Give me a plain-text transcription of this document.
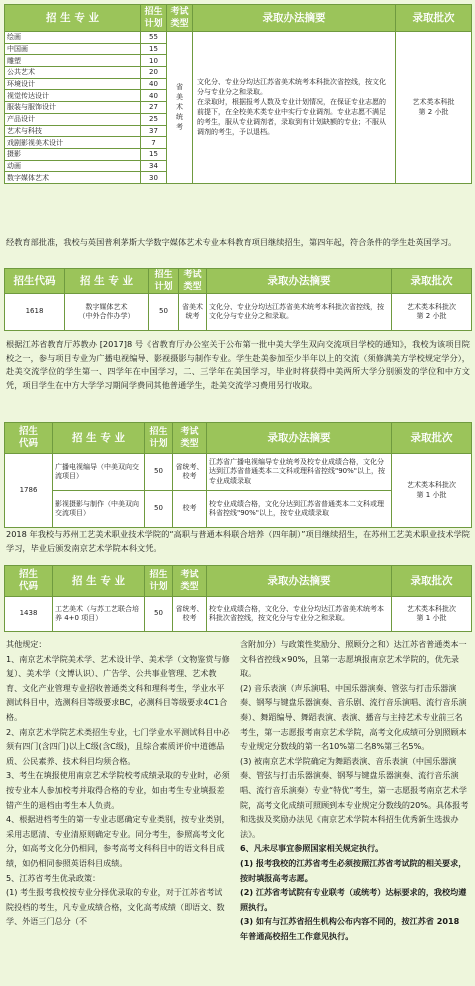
招 生 专 业	招生
计划	考试
类型	录取办法摘要	录取批次
绘画	55	省美术统考	文化分、专业分均达江苏省美术统考本科批次省控线，按文化分与专业分之和录取。
在录取时，根据报考人数及专业计划情况，在保证专业志愿的前提下，在全校美术类专业中实行专业调剂。专业志愿不满足的考生，服从专业调剂者，录取到有计划缺额的专业；不服从调剂的考生，予以退档。	艺术类本科批
第 2 小批
中国画	15			
雕塑	10			
公共艺术	20			
环境设计	40			
视觉传达设计	40			
服装与服饰设计	27			
产品设计	25			
艺术与科技	37			
戏剧影视美术设计	7			
摄影	15			
动画	34			
数字媒体艺术	30			
经教育部批准，我校与英国普利茅斯大学数字媒体艺术专业本科教育项目继续招生，第四年起，符合条件的学生赴英国学习。
招生代码	招 生 专 业	招生
计划	考试
类型	录取办法摘要	录取批次
1618	数字媒体艺术
（中外合作办学）	50	省美术统考	文化分、专业分均达江苏省美术统考本科批次省控线，按文化分与专业分之和录取。	艺术类本科批次
第 2 小批
根据江苏省教育厅苏教办 [2017]8 号《省教育厅办公室关于公布第一批中美大学生双向交流项目学校的通知》，我校为该项目院校之一，参与项目专业为广播电视编导、影视摄影与制作专业。学生赴美参加至少半年以上的交流（须修满美方学校规定学分），赴美交流学位的学生第一、四学年在中国学习，二、三学年在美国学习，毕业时将获得中美两所大学分别颁发的学位和中方文凭，项目学生在中方大学学习期间学费同其他普通学生，赴美交流学习费用另行收取。
招生
代码	招 生 专 业	招生
计划	考试
类型	录取办法摘要	录取批次
1786	广播电视编导（中美双向交流项目）	50	省统考、校考	江苏省广播电视编导专业统考及校专业成绩合格，文化分达到江苏省普通类本二文科或理科省控线"90%"以上，按专业成绩录取	艺术类本科批次
第 1 小批
	影视摄影与制作（中美双向交流项目）	50	校考	校专业成绩合格，文化分达到江苏省普通类本二文科或理科省控线"90%"以上，按专业成绩录取	
2018 年我校与苏州工艺美术职业技术学院的“高职与普通本科联合培养（四年制）”项目继续招生，在苏州工艺美术职业技术学院学习，毕业后颁发南京艺术学院本科文凭。
招生
代码	招 生 专 业	招生
计划	考试
类型	录取办法摘要	录取批次
1438	工艺美术（与苏工艺联合培养 4+0 项目）	50	省统考、校考	校专业成绩合格，文化分、专业分均达江苏省美术统考本科批次省控线，按文化分与专业分之和录取。	艺术类本科批次
第 1 小批

其他规定：

1、南京艺术学院美术学、艺术设计学、美术学（文物鉴赏与修复）、美术学（文博认识）、广告学、公共事业管理、艺术教育、文化产业管理专业招收普通类文科和理科考生，学业水平测试科目中，选测科目等级要求BC，必测科目等级要求4C1合格。

2、南京艺术学院艺术类招生专业，七门学业水平测试科目中必须有四门(含四门)以上C级(含C级)，且综合素质评价中道德品质、公民素养、技术科目均须合格。

3、考生在填报使用南京艺术学院校考成绩录取的专业时，必须按专业本人参加校考并取得合格的专业，如由考生专业填报差错产生的退档由考生本人负责。

4、根据进档考生的第一专业志愿确定专业类别，按专业类别，采用志愿清、专业清原则确定专业。同分考生，参照高考文化分，如高考文化分仍相同，参考高考文科科目中的语文科目成绩，如仍相同参照英语科目成绩。

5、江苏省考生优录政策：

(1) 考生报考我校按专业分择优录取的专业，对于江苏省考试院投档的考生，凡专业成绩合格，文化高考成绩（即语文、数学、外语三门总分（不

含附加分）与政策性奖励分、照顾分之和）达江苏省普通类本一文科省控线×90%，且第一志愿填报南京艺术学院的，优先录取。

(2) 音乐表演（声乐演唱、中国乐器演奏、管弦与打击乐器演奏、钢琴与键盘乐器演奏、音乐剧、流行音乐演唱、流行音乐演奏）、舞蹈编导、舞蹈表演、表演、播音与主持艺术专业前三名考生，第一志愿报考南京艺术学院，高考文化成绩可分别照顾本专业规定分数线的第一名10%第二名8%第三名5%。

(3) 被南京艺术学院确定为舞蹈表演、音乐表演（中国乐器演奏、管弦与打击乐器演奏、钢琴与键盘乐器演奏、流行音乐演唱、流行音乐演奏）专业“特优”考生，第一志愿报考南京艺术学院，高考文化成绩可照顾到本专业规定分数线的20%。具体报考和选拔及奖励办法见《南京艺术学院本科招生优秀新生选拔办法》。

6、凡未尽事宜参照国家相关规定执行。

(1) 报考我校的江苏省考生必须按照江苏省考试院的相关要求，按时填报高考志愿。

(2) 江苏省考试院有专业联考（或统考）达标要求的，我校均遵照执行。

(3) 如有与江苏省招生机构公布内容不同的，按江苏省 2018 年普通高校招生工作意见执行。
